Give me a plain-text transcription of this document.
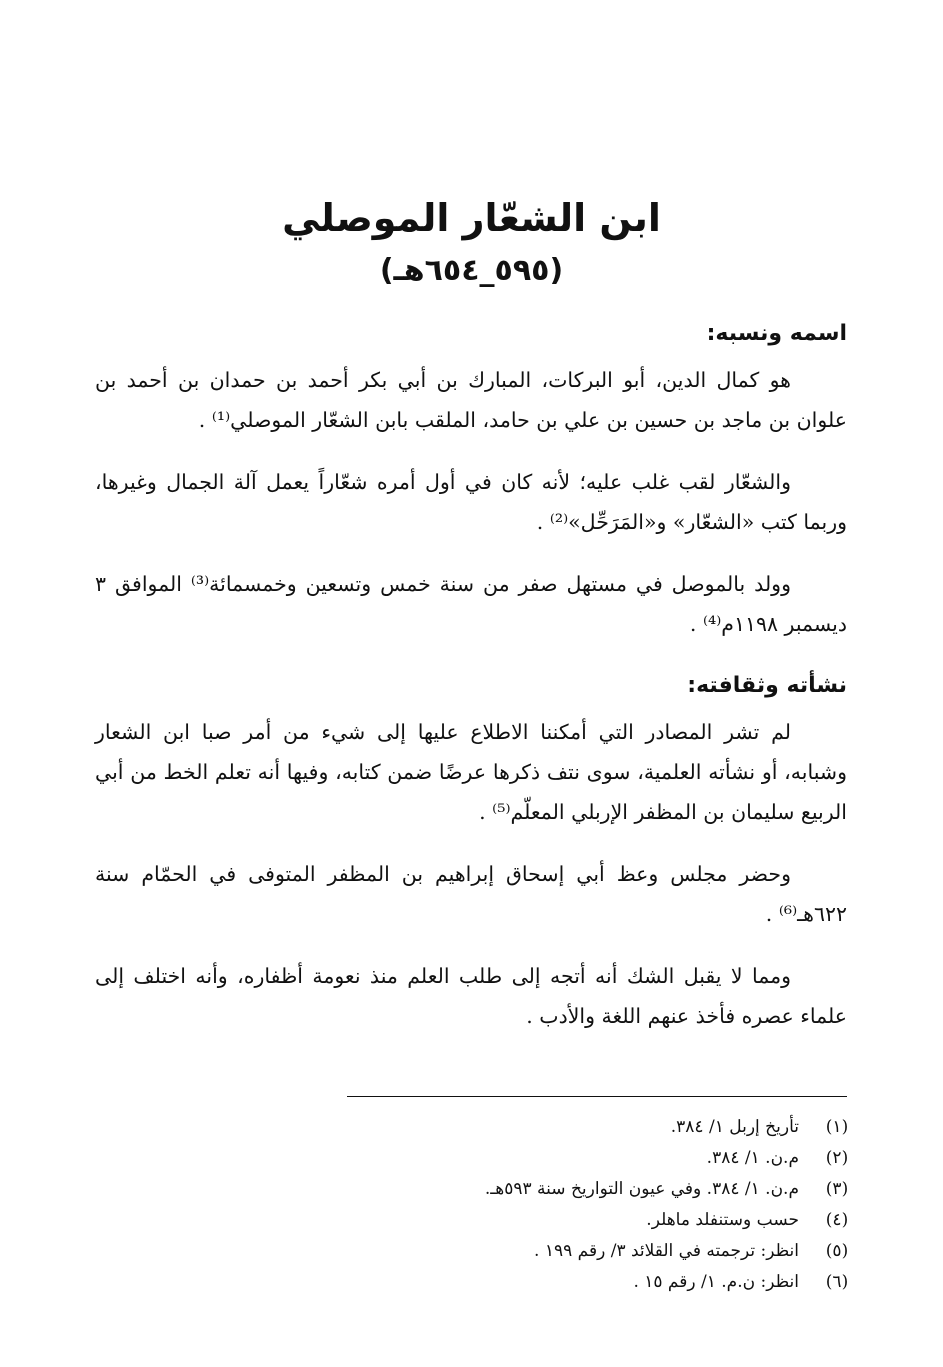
ابن الشعّار الموصلي

(٥٩٥_٦٥٤هـ)

اسمه ونسبه:

هو كمال الدين، أبو البركات، المبارك بن أبي بكر أحمد بن حمدان بن أحمد بن علوان بن ماجد بن حسين بن علي بن حامد، الملقب بابن الشعّار الموصلي⁽¹⁾ .

والشعّار لقب غلب عليه؛ لأنه كان في أول أمره شعّاراً يعمل آلة الجمال وغيرها، وربما كتب «الشعّار» و«المَرَحِّل»⁽²⁾ .

وولد بالموصل في مستهل صفر من سنة خمس وتسعين وخمسمائة⁽³⁾ الموافق ٣ ديسمبر ١١٩٨م⁽⁴⁾ .

نشأته وثقافته:

لم تشر المصادر التي أمكننا الاطلاع عليها إلى شيء من أمر صبا ابن الشعار وشبابه، أو نشأته العلمية، سوى نتف ذكرها عرضًا ضمن كتابه، وفيها أنه تعلم الخط من أبي الربيع سليمان بن المظفر الإربلي المعلّم⁽⁵⁾ .

وحضر مجلس وعظ أبي إسحاق إبراهيم بن المظفر المتوفى في الحمّام سنة ٦٢٢هـ⁽⁶⁾ .

ومما لا يقبل الشك أنه أتجه إلى طلب العلم منذ نعومة أظفاره، وأنه اختلف إلى علماء عصره فأخذ عنهم اللغة والأدب .

(١)
تأريخ إربل ١/ ٣٨٤.
(٢)
م.ن. ١/ ٣٨٤.
(٣)
م.ن. ١/ ٣٨٤. وفي عيون التواريخ سنة ٥٩٣هـ.
(٤)
حسب وستنفلد ماهلر.
(٥)
انظر: ترجمته في القلائد ٣/ رقم ١٩٩ .
(٦)
انظر: ن.م. ١/ رقم ١٥ .
